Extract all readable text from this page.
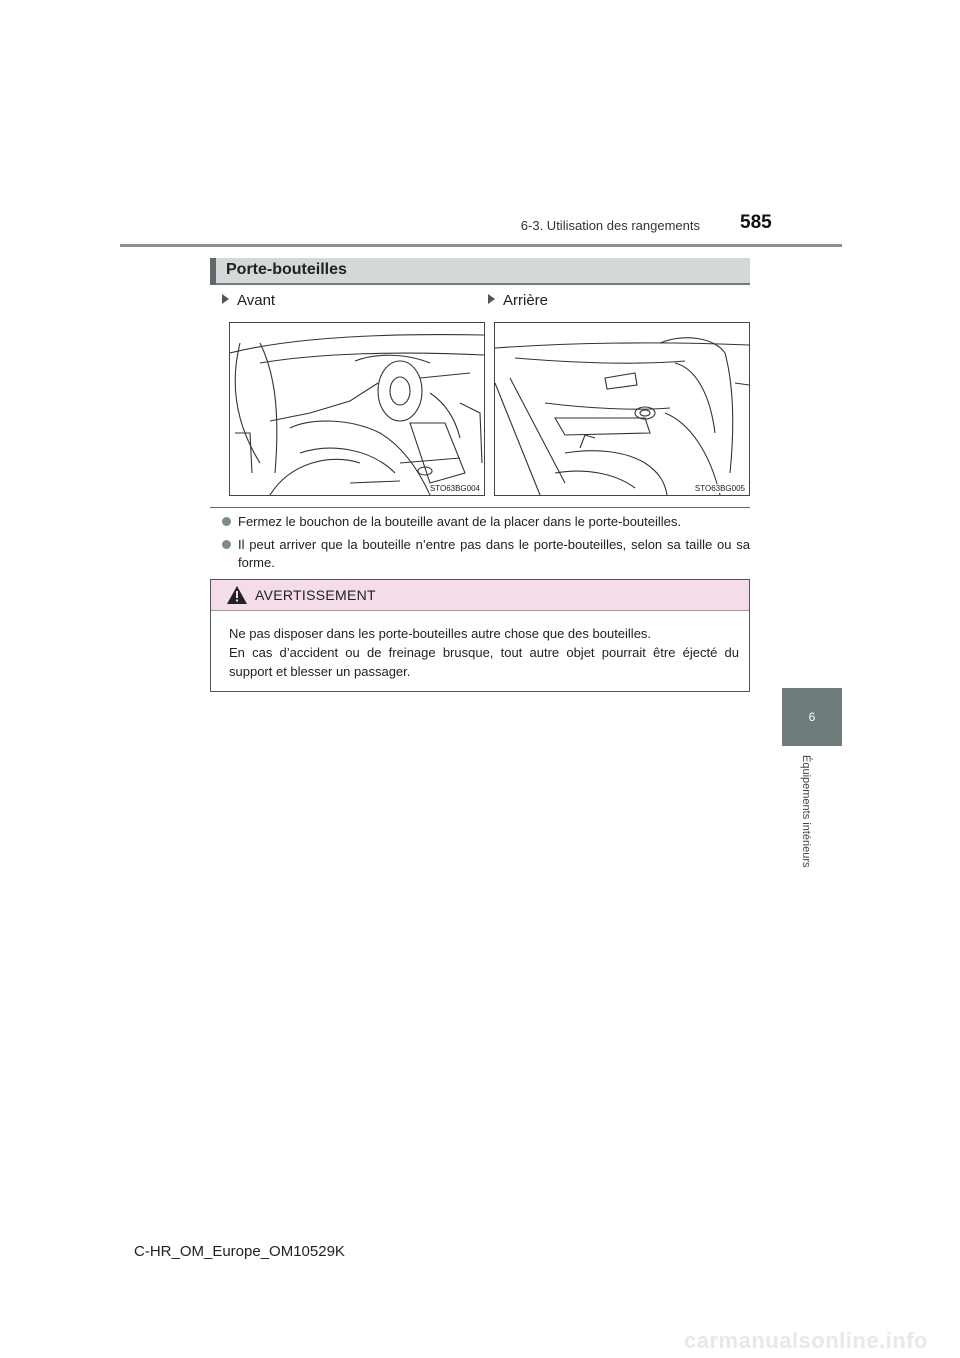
6-3. Utilisation des rangements 585
6
Équipements intérieurs
Porte-bouteilles
Avant	Arrière
STO63BG004	STO63BG005
Fermez le bouchon de la bouteille avant de la placer dans le porte-bouteilles.
Il peut arriver que la bouteille n’entre pas dans le porte-bouteilles, selon sa taille ou sa forme.
AVERTISSEMENT
Ne pas disposer dans les porte-bouteilles autre chose que des bouteilles.
En cas d’accident ou de freinage brusque, tout autre objet pourrait être éjecté du support et blesser un passager.
C-HR_OM_Europe_OM10529K
carmanualsonline.info
